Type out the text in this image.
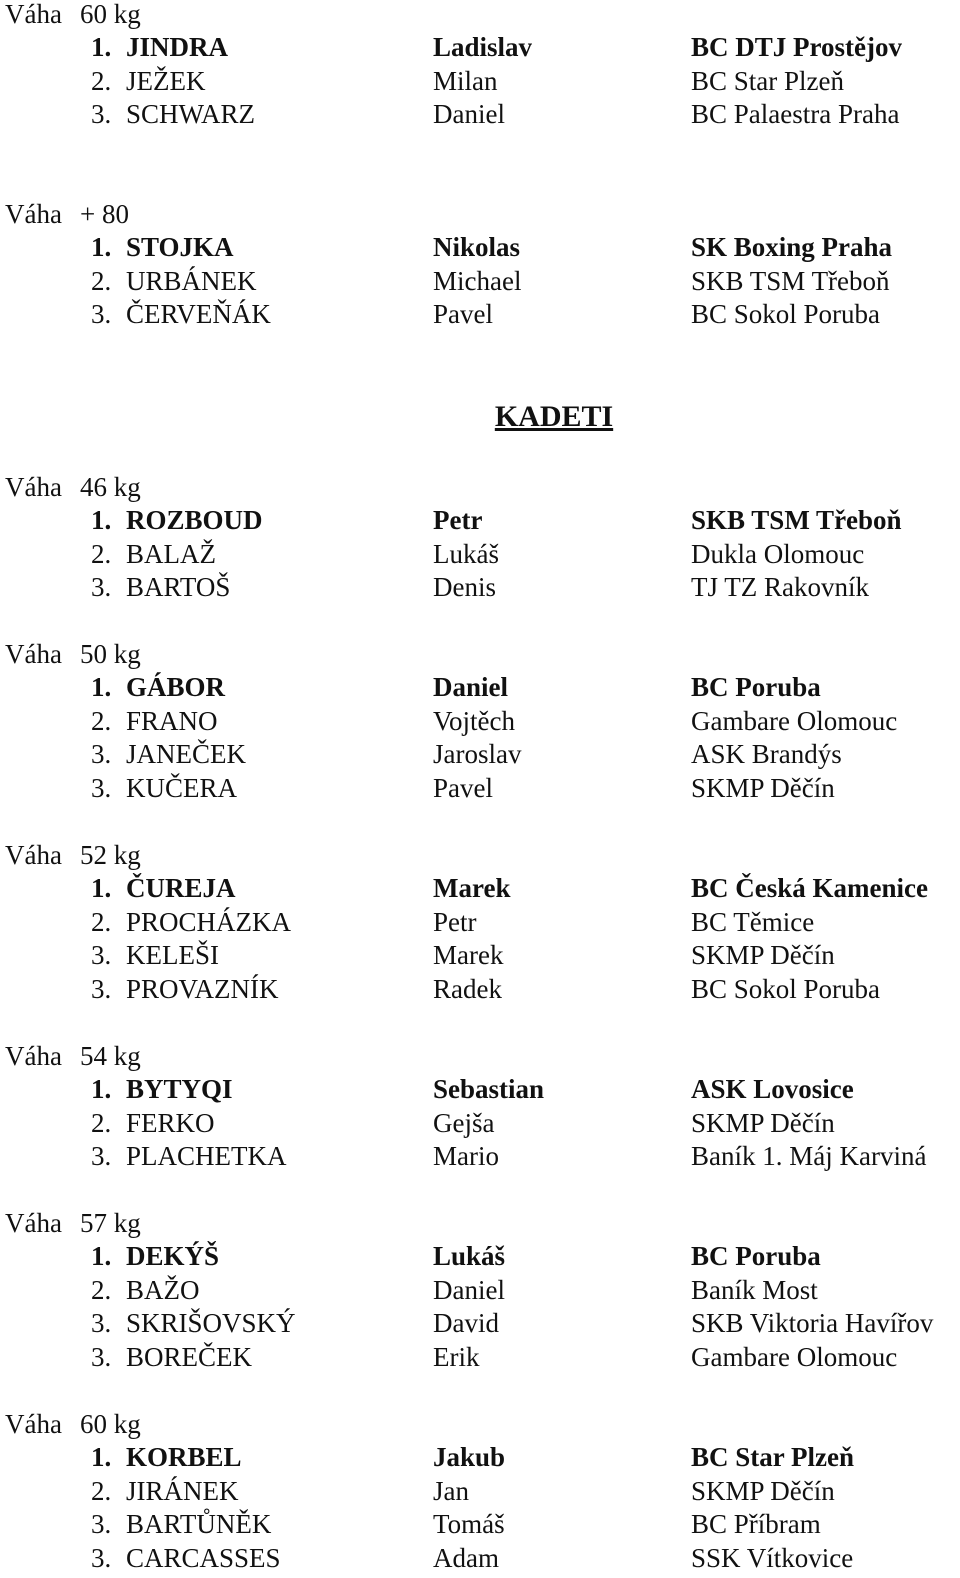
KADETI
Váha 60 kg
1. JINDRA	Ladislav	BC DTJ Prostějov
2. JEŽEK	Milan	BC Star Plzeň
3. SCHWARZ	Daniel	BC Palaestra Praha
Váha + 80
1. STOJKA	Nikolas	SK Boxing Praha
2. URBÁNEK	Michael	SKB TSM Třeboň
3. ČERVEŇÁK	Pavel	BC Sokol Poruba
Váha 46 kg
1. ROZBOUD	Petr	SKB TSM Třeboň
2. BALAŽ	Lukáš	Dukla Olomouc
3. BARTOŠ	Denis	TJ TZ Rakovník
Váha 50 kg
1. GÁBOR	Daniel	BC Poruba
2. FRANO	Vojtěch	Gambare Olomouc
3. JANEČEK	Jaroslav	ASK Brandýs
3. KUČERA	Pavel	SKMP Děčín
Váha 52 kg
1. ČUREJA	Marek	BC Česká Kamenice
2. PROCHÁZKA	Petr	BC Těmice
3. KELEŠI	Marek	SKMP Děčín
3. PROVAZNÍK	Radek	BC Sokol Poruba
Váha 54 kg
1. BYTYQI	Sebastian	ASK Lovosice
2. FERKO	Gejša	SKMP Děčín
3. PLACHETKA	Mario	Baník 1. Máj Karviná
Váha 57 kg
1. DEKÝŠ	Lukáš	BC Poruba
2. BAŽO	Daniel	Baník Most
3. SKRIŠOVSKÝ	David	SKB Viktoria Havířov
3. BOREČEK	Erik	Gambare Olomouc
Váha 60 kg
1. KORBEL	Jakub	BC Star Plzeň
2. JIRÁNEK	Jan	SKMP Děčín
3. BARTŮNĚK	Tomáš	BC Příbram
3. CARCASSES	Adam	SSK Vítkovice
